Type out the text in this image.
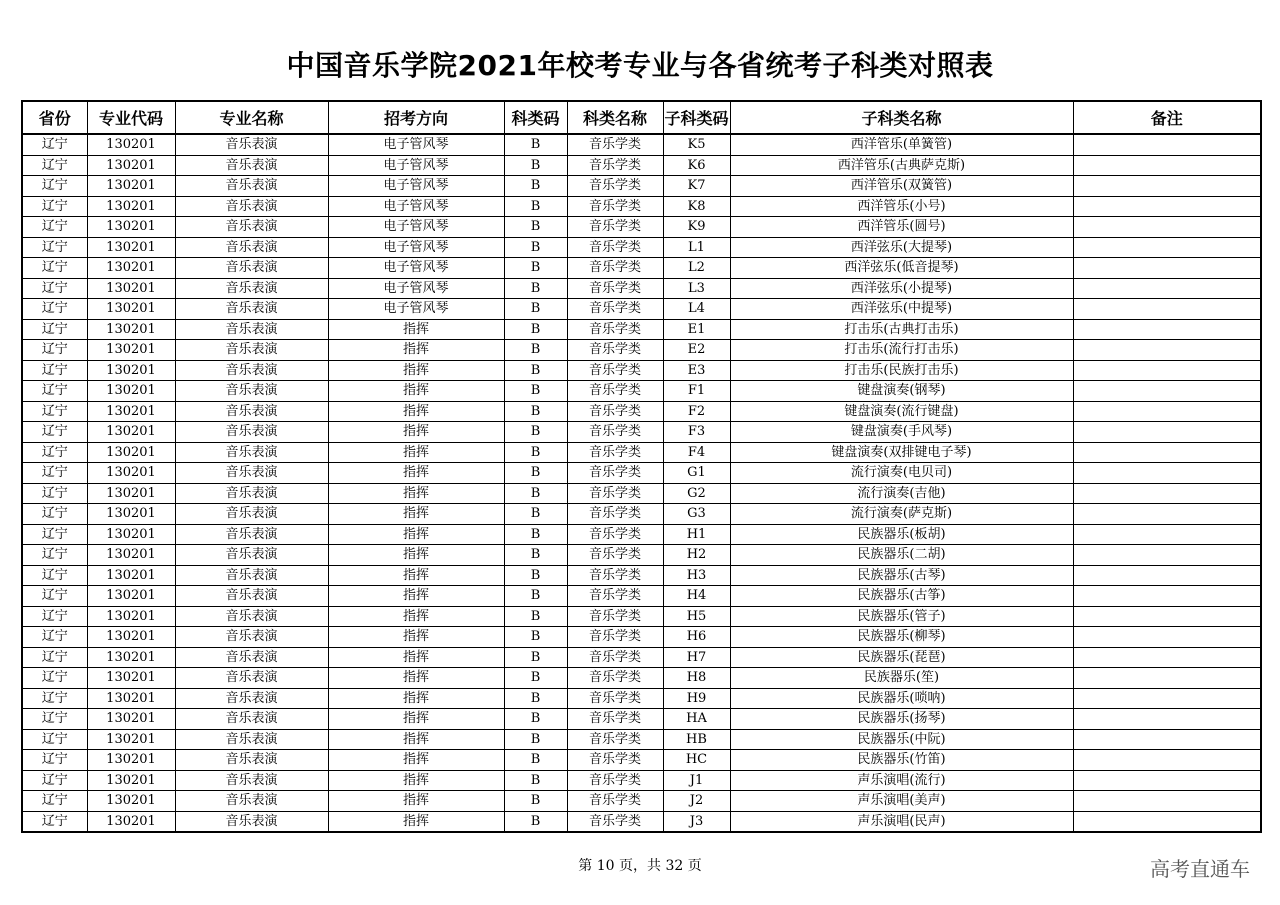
中国音乐学院2021年校考专业与各省统考子科类对照表
省份	专业代码	专业名称	招考方向	科类码	科类名称	子科类码	子科类名称	备注
辽宁	130201	音乐表演	电子管风琴	B	音乐学类	K5	西洋管乐(单簧管)	
辽宁	130201	音乐表演	电子管风琴	B	音乐学类	K6	西洋管乐(古典萨克斯)	
辽宁	130201	音乐表演	电子管风琴	B	音乐学类	K7	西洋管乐(双簧管)	
辽宁	130201	音乐表演	电子管风琴	B	音乐学类	K8	西洋管乐(小号)	
辽宁	130201	音乐表演	电子管风琴	B	音乐学类	K9	西洋管乐(圆号)	
辽宁	130201	音乐表演	电子管风琴	B	音乐学类	L1	西洋弦乐(大提琴)	
辽宁	130201	音乐表演	电子管风琴	B	音乐学类	L2	西洋弦乐(低音提琴)	
辽宁	130201	音乐表演	电子管风琴	B	音乐学类	L3	西洋弦乐(小提琴)	
辽宁	130201	音乐表演	电子管风琴	B	音乐学类	L4	西洋弦乐(中提琴)	
辽宁	130201	音乐表演	指挥	B	音乐学类	E1	打击乐(古典打击乐)	
辽宁	130201	音乐表演	指挥	B	音乐学类	E2	打击乐(流行打击乐)	
辽宁	130201	音乐表演	指挥	B	音乐学类	E3	打击乐(民族打击乐)	
辽宁	130201	音乐表演	指挥	B	音乐学类	F1	键盘演奏(钢琴)	
辽宁	130201	音乐表演	指挥	B	音乐学类	F2	键盘演奏(流行键盘)	
辽宁	130201	音乐表演	指挥	B	音乐学类	F3	键盘演奏(手风琴)	
辽宁	130201	音乐表演	指挥	B	音乐学类	F4	键盘演奏(双排键电子琴)	
辽宁	130201	音乐表演	指挥	B	音乐学类	G1	流行演奏(电贝司)	
辽宁	130201	音乐表演	指挥	B	音乐学类	G2	流行演奏(吉他)	
辽宁	130201	音乐表演	指挥	B	音乐学类	G3	流行演奏(萨克斯)	
辽宁	130201	音乐表演	指挥	B	音乐学类	H1	民族器乐(板胡)	
辽宁	130201	音乐表演	指挥	B	音乐学类	H2	民族器乐(二胡)	
辽宁	130201	音乐表演	指挥	B	音乐学类	H3	民族器乐(古琴)	
辽宁	130201	音乐表演	指挥	B	音乐学类	H4	民族器乐(古筝)	
辽宁	130201	音乐表演	指挥	B	音乐学类	H5	民族器乐(管子)	
辽宁	130201	音乐表演	指挥	B	音乐学类	H6	民族器乐(柳琴)	
辽宁	130201	音乐表演	指挥	B	音乐学类	H7	民族器乐(琵琶)	
辽宁	130201	音乐表演	指挥	B	音乐学类	H8	民族器乐(笙)	
辽宁	130201	音乐表演	指挥	B	音乐学类	H9	民族器乐(唢呐)	
辽宁	130201	音乐表演	指挥	B	音乐学类	HA	民族器乐(扬琴)	
辽宁	130201	音乐表演	指挥	B	音乐学类	HB	民族器乐(中阮)	
辽宁	130201	音乐表演	指挥	B	音乐学类	HC	民族器乐(竹笛)	
辽宁	130201	音乐表演	指挥	B	音乐学类	J1	声乐演唱(流行)	
辽宁	130201	音乐表演	指挥	B	音乐学类	J2	声乐演唱(美声)	
辽宁	130201	音乐表演	指挥	B	音乐学类	J3	声乐演唱(民声)	
第 10 页，共 32 页	高考直通车
